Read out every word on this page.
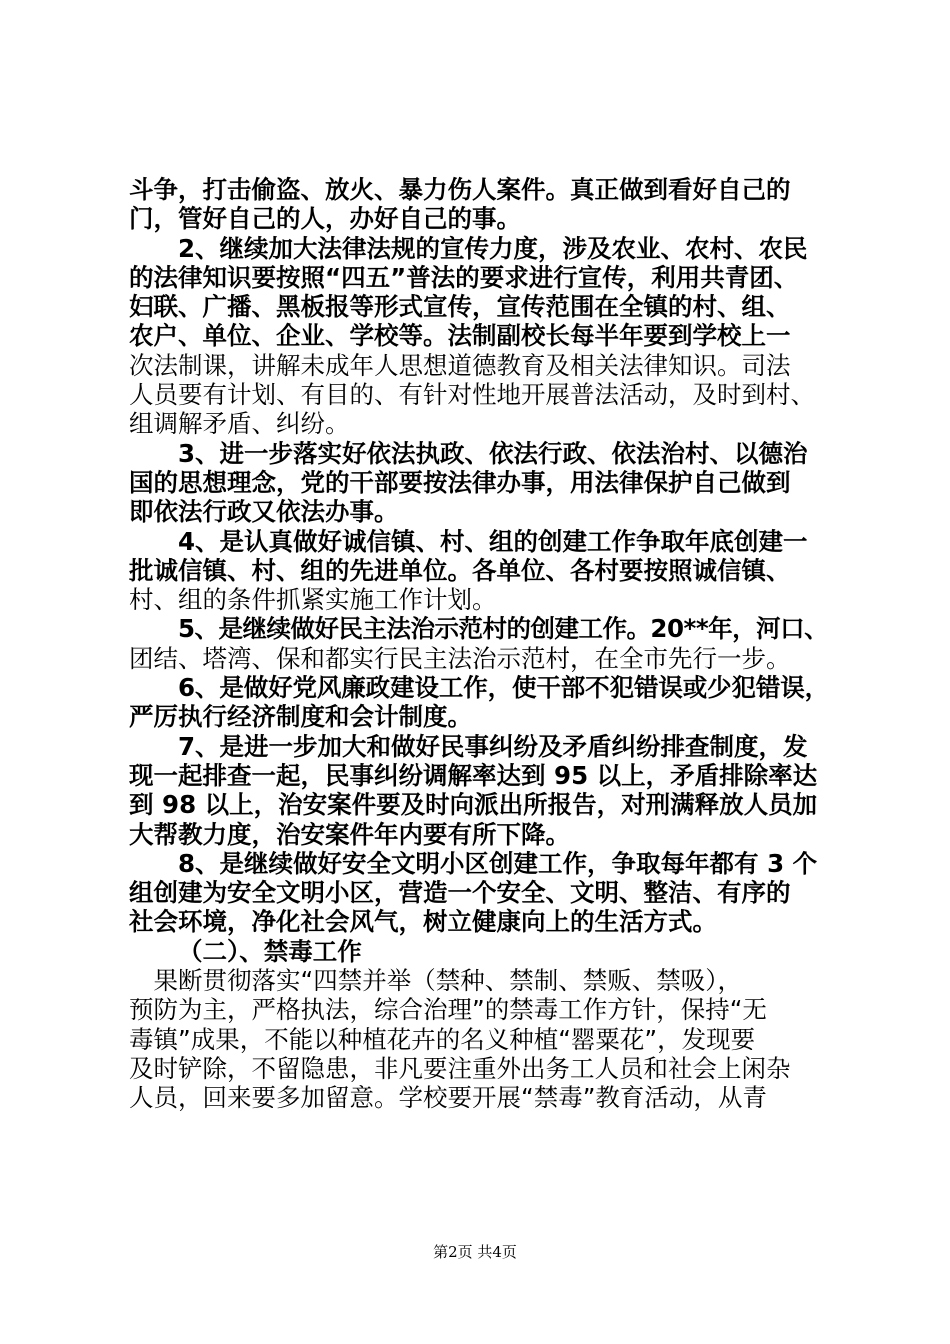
斗争，打击偷盗、放火、暴力伤人案件。真正做到看好自己的
门，管好自己的人，办好自己的事。
2、继续加大法律法规的宣传力度，涉及农业、农村、农民
的法律知识要按照“四五”普法的要求进行宣传，利用共青团、
妇联、广播、黑板报等形式宣传，宣传范围在全镇的村、组、
农户、单位、企业、学校等。法制副校长每半年要到学校上一
次法制课，讲解未成年人思想道德教育及相关法律知识。司法
人员要有计划、有目的、有针对性地开展普法活动，及时到村、
组调解矛盾、纠纷。
3、进一步落实好依法执政、依法行政、依法治村、以德治
国的思想理念，党的干部要按法律办事，用法律保护自己做到
即依法行政又依法办事。
4、是认真做好诚信镇、村、组的创建工作争取年底创建一
批诚信镇、村、组的先进单位。各单位、各村要按照诚信镇、
村、组的条件抓紧实施工作计划。
5、是继续做好民主法治示范村的创建工作。20**年，河口、
团结、塔湾、保和都实行民主法治示范村，在全市先行一步。
6、是做好党风廉政建设工作，使干部不犯错误或少犯错误，
严厉执行经济制度和会计制度。
7、是进一步加大和做好民事纠纷及矛盾纠纷排查制度，发
现一起排查一起，民事纠纷调解率达到 95 以上，矛盾排除率达
到 98 以上，治安案件要及时向派出所报告，对刑满释放人员加
大帮教力度，治安案件年内要有所下降。
8、是继续做好安全文明小区创建工作，争取每年都有 3 个
组创建为安全文明小区，营造一个安全、文明、整洁、有序的
社会环境，净化社会风气，树立健康向上的生活方式。
（二）、禁毒工作
果断贯彻落实“四禁并举（禁种、禁制、禁贩、禁吸），
预防为主，严格执法，综合治理”的禁毒工作方针，保持“无
毒镇”成果，不能以种植花卉的名义种植“罂粟花”，发现要
及时铲除，不留隐患，非凡要注重外出务工人员和社会上闲杂
人员，回来要多加留意。学校要开展“禁毒”教育活动，从青
第2页 共4页
